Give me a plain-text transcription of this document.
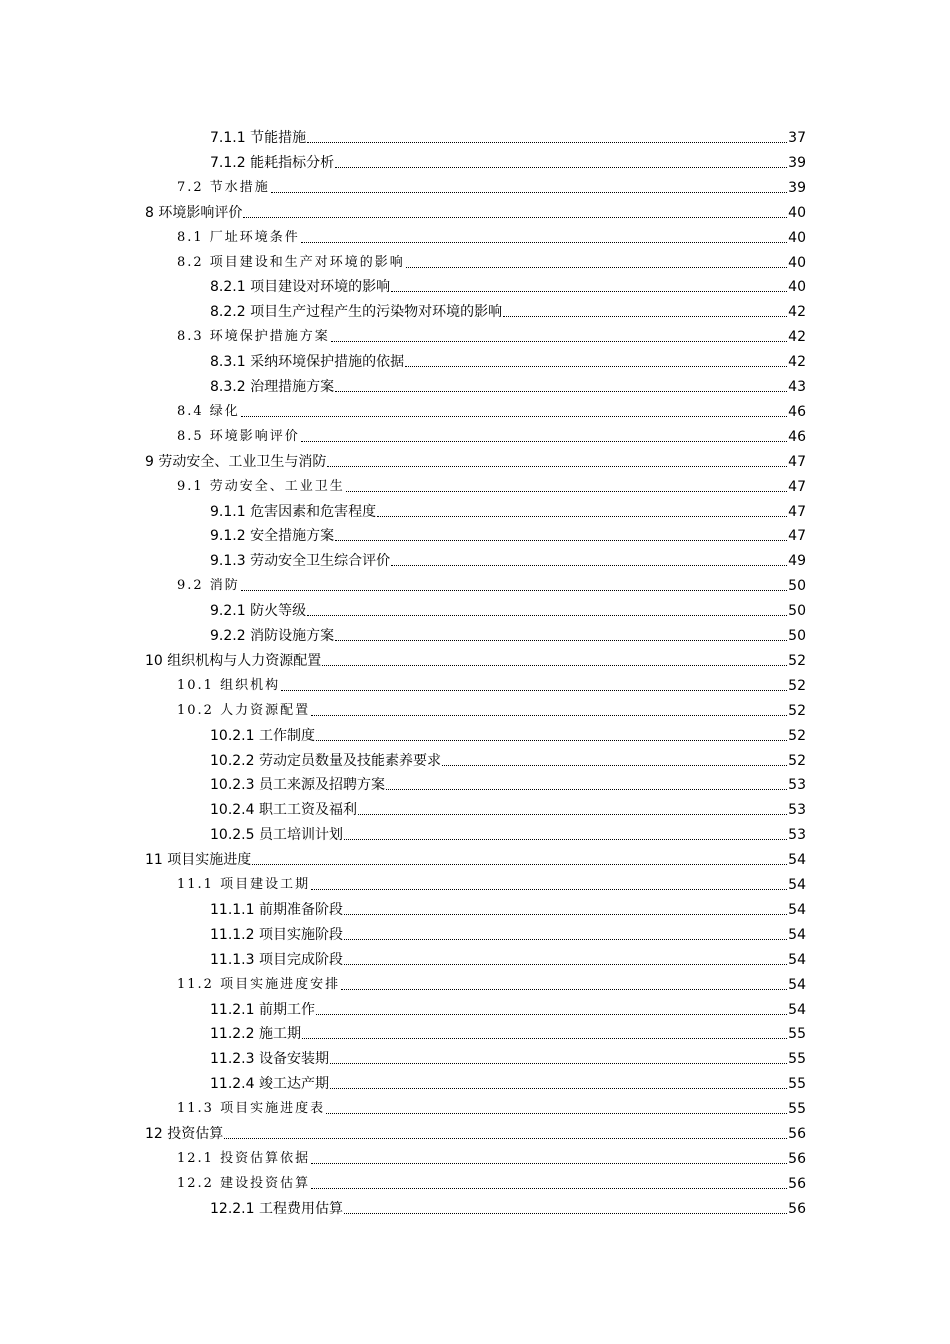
7.1.1 节能措施	37
7.1.2 能耗指标分析	39
7.2 节水措施	39
8 环境影响评价	40
8.1 厂址环境条件	40
8.2 项目建设和生产对环境的影响	40
8.2.1 项目建设对环境的影响	40
8.2.2 项目生产过程产生的污染物对环境的影响	42
8.3 环境保护措施方案	42
8.3.1 采纳环境保护措施的依据	42
8.3.2 治理措施方案	43
8.4 绿化	46
8.5 环境影响评价	46
9 劳动安全、工业卫生与消防	47
9.1 劳动安全、工业卫生	47
9.1.1 危害因素和危害程度	47
9.1.2 安全措施方案	47
9.1.3 劳动安全卫生综合评价	49
9.2 消防	50
9.2.1 防火等级	50
9.2.2 消防设施方案	50
10 组织机构与人力资源配置	52
10.1 组织机构	52
10.2 人力资源配置	52
10.2.1 工作制度	52
10.2.2 劳动定员数量及技能素养要求	52
10.2.3 员工来源及招聘方案	53
10.2.4 职工工资及福利	53
10.2.5 员工培训计划	53
11 项目实施进度	54
11.1 项目建设工期	54
11.1.1 前期准备阶段	54
11.1.2 项目实施阶段	54
11.1.3 项目完成阶段	54
11.2 项目实施进度安排	54
11.2.1 前期工作	54
11.2.2 施工期	55
11.2.3 设备安装期	55
11.2.4 竣工达产期	55
11.3 项目实施进度表	55
12 投资估算	56
12.1 投资估算依据	56
12.2 建设投资估算	56
12.2.1 工程费用估算	56
